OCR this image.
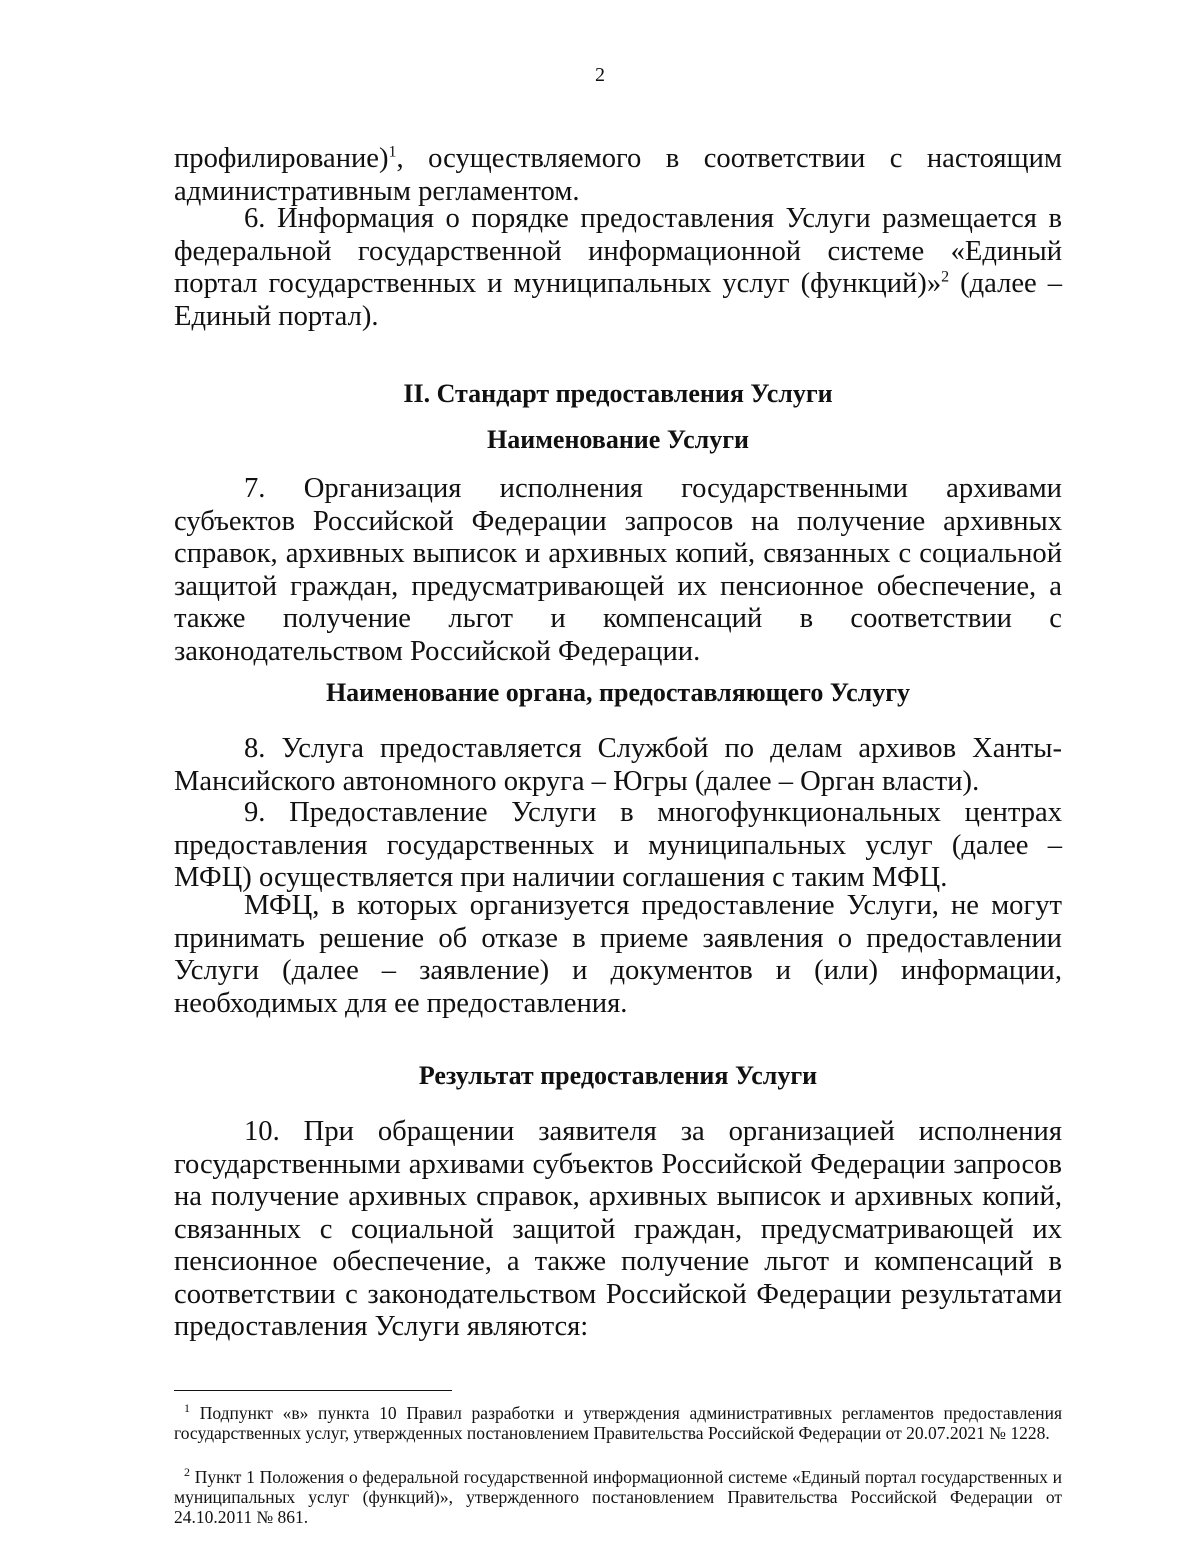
2

профилирование)$^1$, осуществляемого в соответствии с настоящим административным регламентом.

6. Информация о порядке предоставления Услуги размещается в федеральной государственной информационной системе «Единый портал государственных и муниципальных услуг (функций)»$^2$ (далее – Единый портал).

II. Стандарт предоставления Услуги
Наименование Услуги

7. Организация исполнения государственными архивами субъектов Российской Федерации запросов на получение архивных справок, архивных выписок и архивных копий, связанных с социальной защитой граждан, предусматривающей их пенсионное обеспечение, а также получение льгот и компенсаций в соответствии с законодательством Российской Федерации.

Наименование органа, предоставляющего Услугу

8. Услуга предоставляется Службой по делам архивов Ханты-Мансийского автономного округа – Югры (далее – Орган власти).

9. Предоставление Услуги в многофункциональных центрах предоставления государственных и муниципальных услуг (далее – МФЦ) осуществляется при наличии соглашения с таким МФЦ.

МФЦ, в которых организуется предоставление Услуги, не могут принимать решение об отказе в приеме заявления о предоставлении Услуги (далее – заявление) и документов и (или) информации, необходимых для ее предоставления.

Результат предоставления Услуги

10. При обращении заявителя за организацией исполнения государственными архивами субъектов Российской Федерации запросов на получение архивных справок, архивных выписок и архивных копий, связанных с социальной защитой граждан, предусматривающей их пенсионное обеспечение, а также получение льгот и компенсаций в соответствии с законодательством Российской Федерации результатами предоставления Услуги являются:

$^1$ Подпункт «в» пункта 10 Правил разработки и утверждения административных регламентов предоставления государственных услуг, утвержденных постановлением Правительства Российской Федерации от 20.07.2021 № 1228.

$^2$ Пункт 1 Положения о федеральной государственной информационной системе «Единый портал государственных и муниципальных услуг (функций)», утвержденного постановлением Правительства Российской Федерации от 24.10.2011 № 861.
